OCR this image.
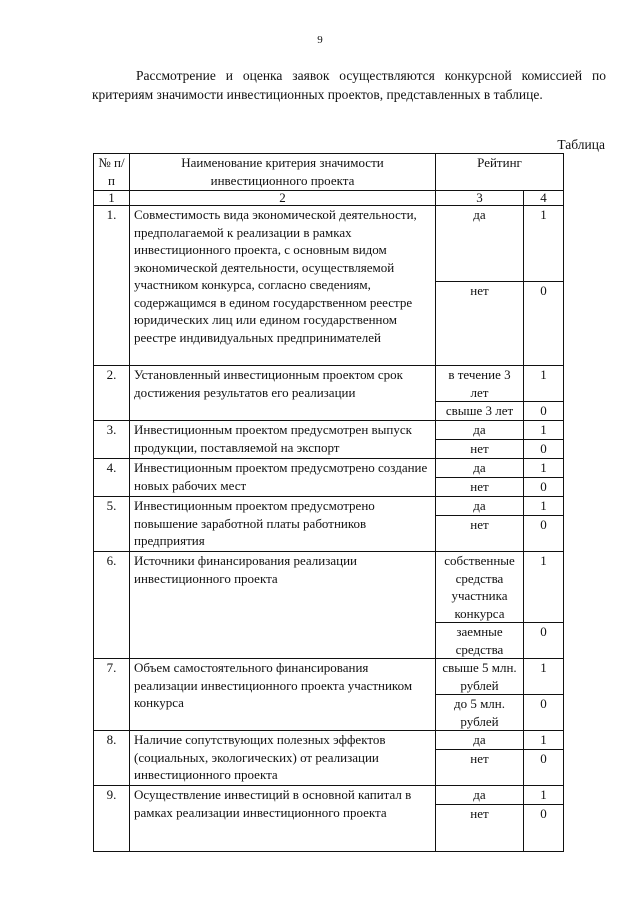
9

Рассмотрение и оценка заявок осуществляются конкурсной комиссией по критериям значимости инвестиционных проектов, представленных в таблице.

Таблица
№ п/п	Наименование критерия значимости инвестиционного проекта	Рейтинг	
1	2	3	4
1.	Совместимость вида экономической деятельности, предполагаемой к реализации в рамках инвестиционного проекта, с основным видом экономической деятельности, осуществляемой участником конкурса, согласно сведениям, содержащимся в едином государственном реестре юридических лиц или едином государственном реестре индивидуальных предпринимателей	да	1
		нет	0
2.	Установленный инвестиционным проектом срок достижения результатов его реализации	в течение 3 лет	1
		свыше 3 лет	0
3.	Инвестиционным проектом предусмотрен выпуск продукции, поставляемой на экспорт	да	1
		нет	0
4.	Инвестиционным проектом предусмотрено создание новых рабочих мест	да	1
		нет	0
5.	Инвестиционным проектом предусмотрено повышение заработной платы работников предприятия	да	1
		нет	0
6.	Источники финансирования реализации инвестиционного проекта	собственные средства участника конкурса	1
		заемные средства	0
7.	Объем самостоятельного финансирования реализации инвестиционного проекта участником конкурса	свыше 5 млн. рублей	1
		до 5 млн. рублей	0
8.	Наличие сопутствующих полезных эффектов (социальных, экологических) от реализации инвестиционного проекта	да	1
		нет	0
9.	Осуществление инвестиций в основной капитал в рамках реализации инвестиционного проекта	да	1
		нет	0
